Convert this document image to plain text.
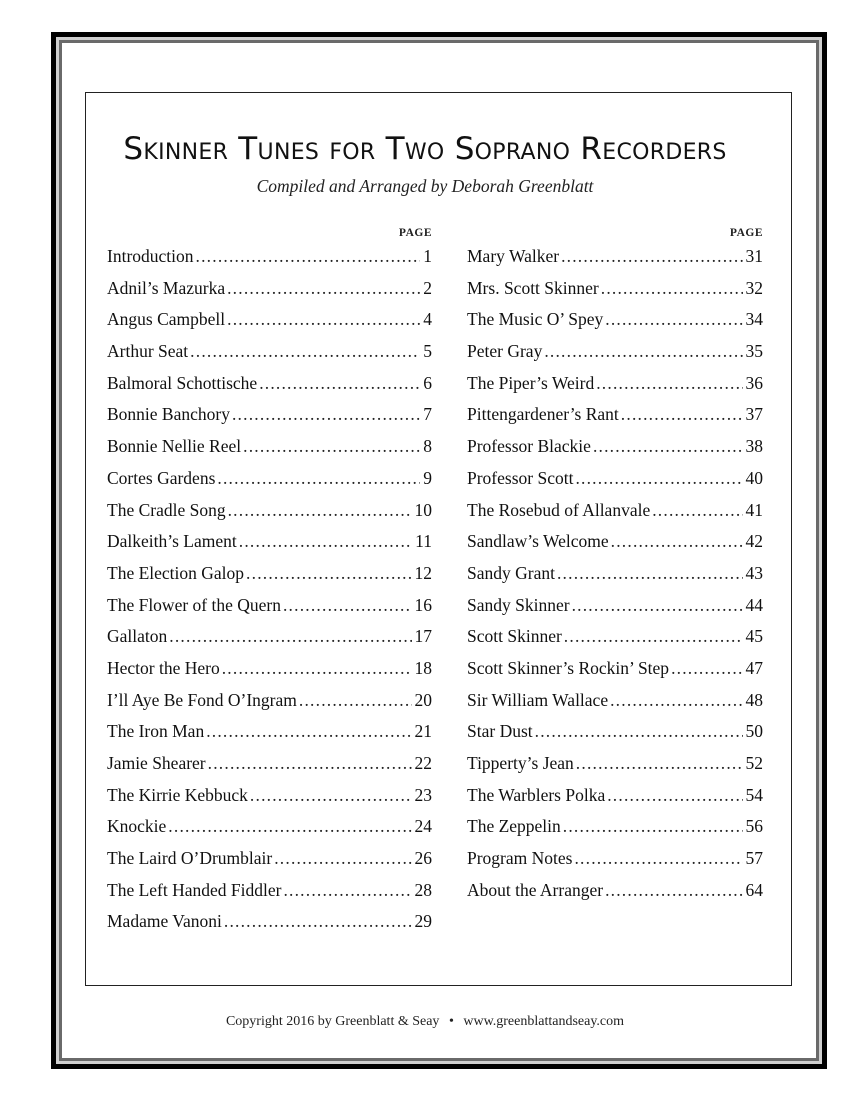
Skinner Tunes for Two Soprano Recorders
Compiled and Arranged by Deborah Greenblatt
PAGE
Introduction .....	1
Adnil’s Mazurka .....	2
Angus Campbell .....	4
Arthur Seat .....	5
Balmoral Schottische .....	6
Bonnie Banchory .....	7
Bonnie Nellie Reel .....	8
Cortes Gardens .....	9
The Cradle Song .....	10
Dalkeith’s Lament .....	11
The Election Galop .....	12
The Flower of the Quern .....	16
Gallaton .....	17
Hector the Hero .....	18
I’ll Aye Be Fond O’Ingram .....	20
The Iron Man .....	21
Jamie Shearer .....	22
The Kirrie Kebbuck .....	23
Knockie .....	24
The Laird O’Drumblair .....	26
The Left Handed Fiddler .....	28
Madame Vanoni .....	29
PAGE
Mary Walker .....	31
Mrs. Scott Skinner .....	32
The Music O’ Spey .....	34
Peter Gray .....	35
The Piper’s Weird .....	36
Pittengardener’s Rant .....	37
Professor Blackie .....	38
Professor Scott .....	40
The Rosebud of Allanvale .....	41
Sandlaw’s Welcome .....	42
Sandy Grant .....	43
Sandy Skinner .....	44
Scott Skinner .....	45
Scott Skinner’s Rockin’ Step .....	47
Sir William Wallace .....	48
Star Dust .....	50
Tipperty’s Jean .....	52
The Warblers Polka .....	54
The Zeppelin .....	56
Program Notes .....	57
About the Arranger .....	64
Copyright 2016 by Greenblatt & Seay • www.greenblattandseay.com
